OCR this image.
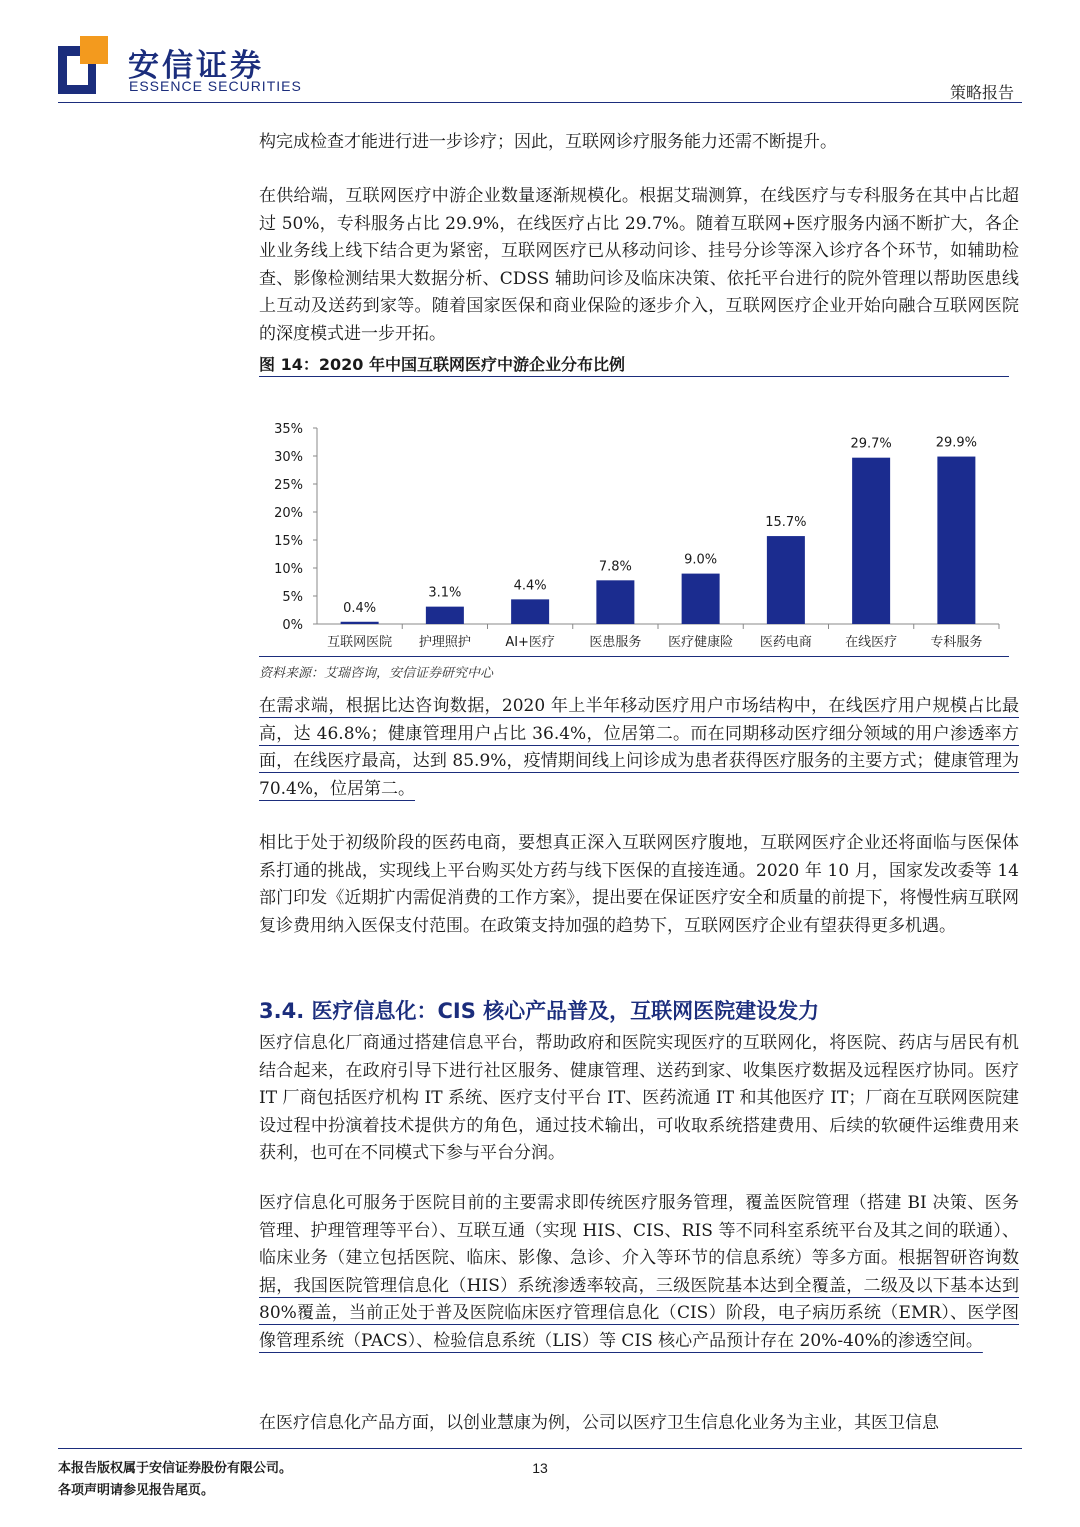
安信证券
ESSENCE SECURITIES	策略报告

构完成检查才能进行进一步诊疗；因此，互联网诊疗服务能力还需不断提升。

在供给端，互联网医疗中游企业数量逐渐规模化。根据艾瑞测算，在线医疗与专科服务在其中占比超过 50%，专科服务占比 29.9%，在线医疗占比 29.7%。随着互联网+医疗服务内涵不断扩大，各企业业务线上线下结合更为紧密，互联网医疗已从移动问诊、挂号分诊等深入诊疗各个环节，如辅助检查、影像检测结果大数据分析、CDSS 辅助问诊及临床决策、依托平台进行的院外管理以帮助医患线上互动及送药到家等。随着国家医保和商业保险的逐步介入，互联网医疗企业开始向融合互联网医院的深度模式进一步开拓。

图 14：2020 年中国互联网医疗中游企业分布比例
0%
5%
10%
15%
20%
25%
30%
35%
0.4%
互联网医院
3.1%
护理照护
4.4%
AI+医疗
7.8%
医患服务
9.0%
医疗健康险
15.7%
医药电商
29.7%
在线医疗
29.9%
专科服务
资料来源：艾瑞咨询，安信证券研究中心

在需求端，根据比达咨询数据，2020 年上半年移动医疗用户市场结构中，在线医疗用户规模占比最高，达 46.8%；健康管理用户占比 36.4%，位居第二。而在同期移动医疗细分领域的用户渗透率方面，在线医疗最高，达到 85.9%，疫情期间线上问诊成为患者获得医疗服务的主要方式；健康管理为 70.4%，位居第二。

相比于处于初级阶段的医药电商，要想真正深入互联网医疗腹地，互联网医疗企业还将面临与医保体系打通的挑战，实现线上平台购买处方药与线下医保的直接连通。2020 年 10 月，国家发改委等 14 部门印发《近期扩内需促消费的工作方案》，提出要在保证医疗安全和质量的前提下，将慢性病互联网复诊费用纳入医保支付范围。在政策支持加强的趋势下，互联网医疗企业有望获得更多机遇。

3.4. 医疗信息化：CIS 核心产品普及，互联网医院建设发力

医疗信息化厂商通过搭建信息平台，帮助政府和医院实现医疗的互联网化，将医院、药店与居民有机结合起来，在政府引导下进行社区服务、健康管理、送药到家、收集医疗数据及远程医疗协同。医疗 IT 厂商包括医疗机构 IT 系统、医疗支付平台 IT、医药流通 IT 和其他医疗 IT；厂商在互联网医院建设过程中扮演着技术提供方的角色，通过技术输出，可收取系统搭建费用、后续的软硬件运维费用来获利，也可在不同模式下参与平台分润。

医疗信息化可服务于医院目前的主要需求即传统医疗服务管理，覆盖医院管理（搭建 BI 决策、医务管理、护理管理等平台）、互联互通（实现 HIS、CIS、RIS 等不同科室系统平台及其之间的联通）、临床业务（建立包括医院、临床、影像、急诊、介入等环节的信息系统）等多方面。根据智研咨询数据，我国医院管理信息化（HIS）系统渗透率较高，三级医院基本达到全覆盖，二级及以下基本达到 80%覆盖，当前正处于普及医院临床医疗管理信息化（CIS）阶段，电子病历系统（EMR）、医学图像管理系统（PACS）、检验信息系统（LIS）等 CIS 核心产品预计存在 20%-40%的渗透空间。

在医疗信息化产品方面，以创业慧康为例，公司以医疗卫生信息化业务为主业，其医卫信息

本报告版权属于安信证券股份有限公司。
各项声明请参见报告尾页。
13
